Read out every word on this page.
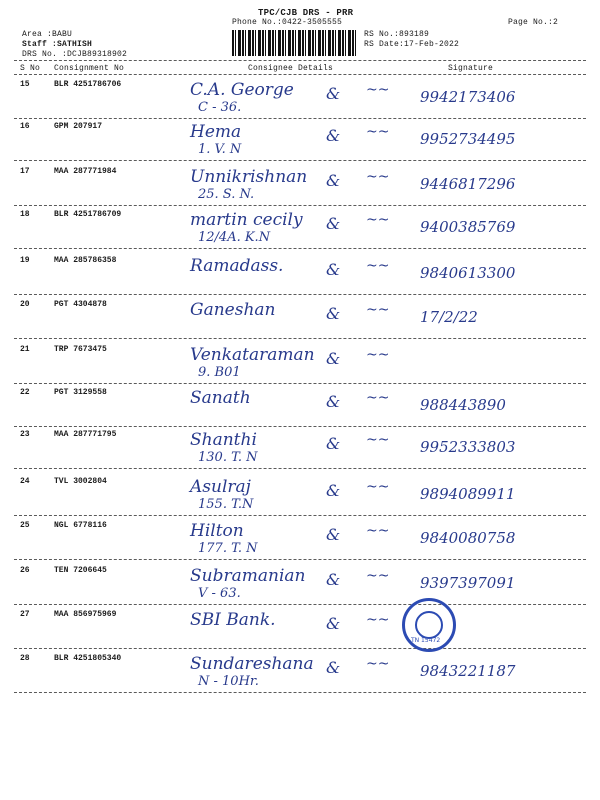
TPC/CJB DRS - PRR
Phone No.:0422-3505555	Page No.:2
Area :BABU
Staff :SATHISH
DRS No. :DCJB89318902
RS No.:893189
RS Date:17-Feb-2022
S No Consignment No	Consignee Details	Signature
15	BLR 4251786706	C.A. George
C - 36.
& ~~ 9942173406
16	GPM 207917	Hema
1. V. N
& ~~ 9952734495
17	MAA 287771984	Unnikrishnan
25. S. N.
& ~~ 9446817296
18	BLR 4251786709	martin cecily
12/4A. K.N
& ~~ 9400385769
19	MAA 285786358	Ramadass.	& ~~ 9840613300
20	PGT 4304878	Ganeshan	& ~~ 17/2/22
21	TRP 7673475	Venkataraman
9. B01
& ~~
22	PGT 3129558	Sanath	& ~~ 988443890
23	MAA 287771795	Shanthi
130. T. N
& ~~ 9952333803
24	TVL 3002804	Asulraj
155. T.N
& ~~ 9894089911
25	NGL 6778116	Hilton
177. T. N
& ~~ 9840080758
26	TEN 7206645	Subramanian
V - 63.
& ~~ 9397397091
27	MAA 856975969	SBI Bank.	& ~~
28	BLR 4251805340	Sundareshana
N - 10Hr.
& ~~ 9843221187
TN 15472
